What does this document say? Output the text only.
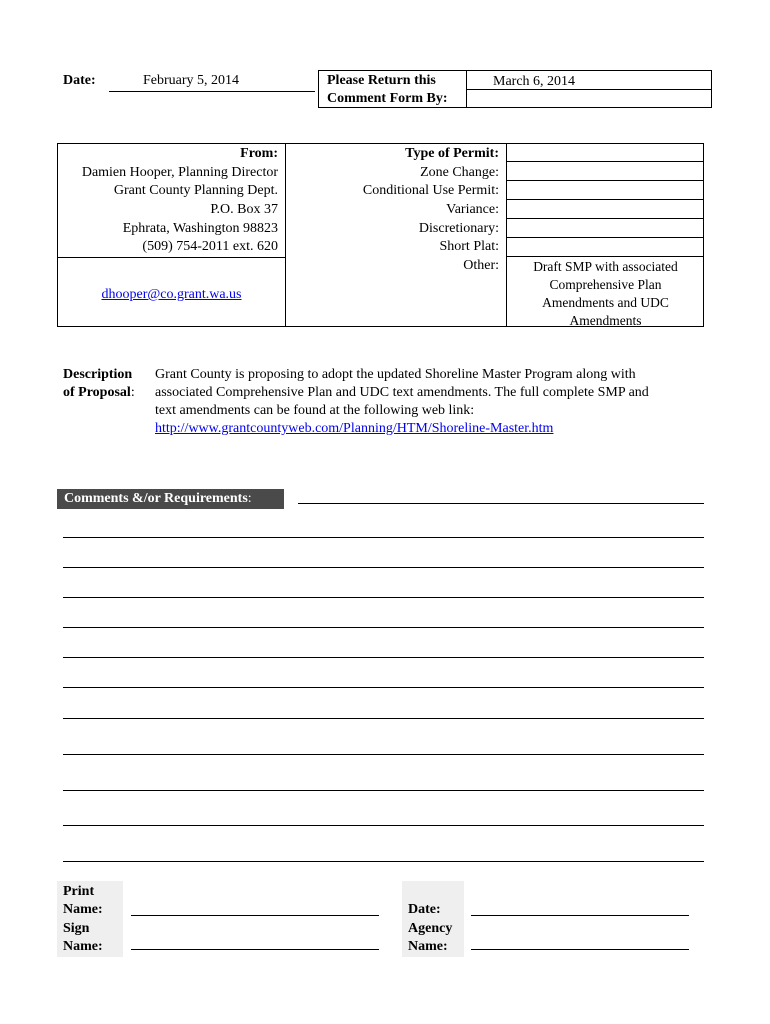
Date:	February 5, 2014	Please Return this
Comment Form By:
March 6, 2014
From:
Damien Hooper, Planning Director
Grant County Planning Dept.
P.O. Box 37
Ephrata, Washington 98823
(509) 754-2011 ext. 620
dhooper@co.grant.wa.us
Type of Permit:
Zone Change:
Conditional Use Permit:
Variance:
Discretionary:
Short Plat:
Other:	Draft SMP with associated
Comprehensive Plan
Amendments and UDC
Amendments
Description
of Proposal:
Grant County is proposing to adopt the updated Shoreline Master Program along with
associated Comprehensive Plan and UDC text amendments. The full complete SMP and
text amendments can be found at the following web link:
http://www.grantcountyweb.com/Planning/HTM/Shoreline-Master.htm
Comments &/or Requirements:
Print
Name:
Sign
Name:
Date:
Agency
Name:
